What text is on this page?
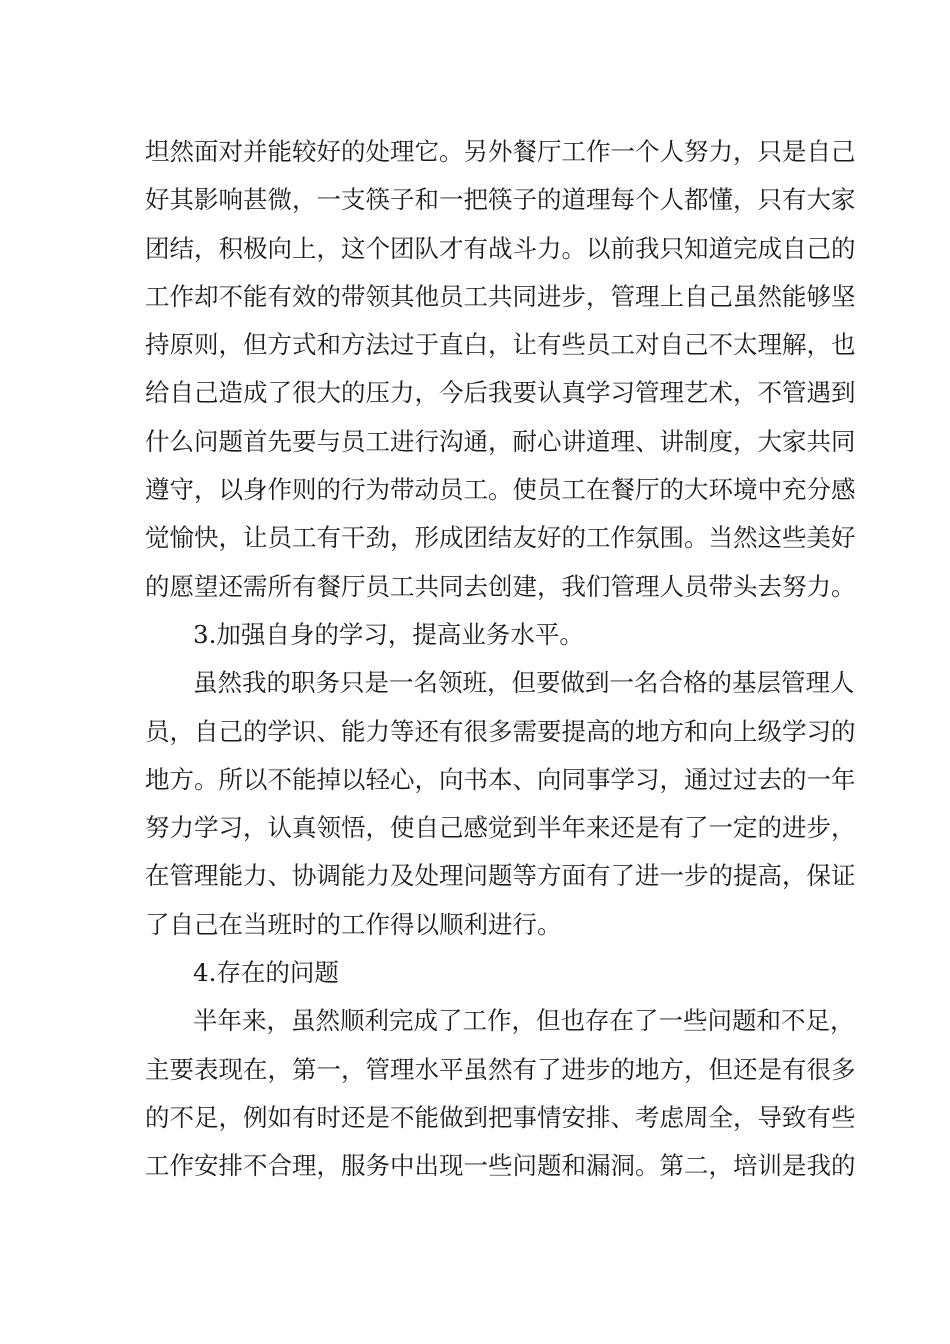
坦然面对并能较好的处理它。另外餐厅工作一个人努力，只是自己
好其影响甚微，一支筷子和一把筷子的道理每个人都懂，只有大家
团结，积极向上，这个团队才有战斗力。以前我只知道完成自己的
工作却不能有效的带领其他员工共同进步，管理上自己虽然能够坚
持原则，但方式和方法过于直白，让有些员工对自己不太理解，也
给自己造成了很大的压力，今后我要认真学习管理艺术，不管遇到
什么问题首先要与员工进行沟通，耐心讲道理、讲制度，大家共同
遵守，以身作则的行为带动员工。使员工在餐厅的大环境中充分感
觉愉快，让员工有干劲，形成团结友好的工作氛围。当然这些美好
的愿望还需所有餐厅员工共同去创建，我们管理人员带头去努力。
3.加强自身的学习，提高业务水平。
虽然我的职务只是一名领班，但要做到一名合格的基层管理人
员，自己的学识、能力等还有很多需要提高的地方和向上级学习的
地方。所以不能掉以轻心，向书本、向同事学习，通过过去的一年
努力学习，认真领悟，使自己感觉到半年来还是有了一定的进步，
在管理能力、协调能力及处理问题等方面有了进一步的提高，保证
了自己在当班时的工作得以顺利进行。
4.存在的问题
半年来，虽然顺利完成了工作，但也存在了一些问题和不足，
主要表现在，第一，管理水平虽然有了进步的地方，但还是有很多
的不足，例如有时还是不能做到把事情安排、考虑周全，导致有些
工作安排不合理，服务中出现一些问题和漏洞。第二，培训是我的
